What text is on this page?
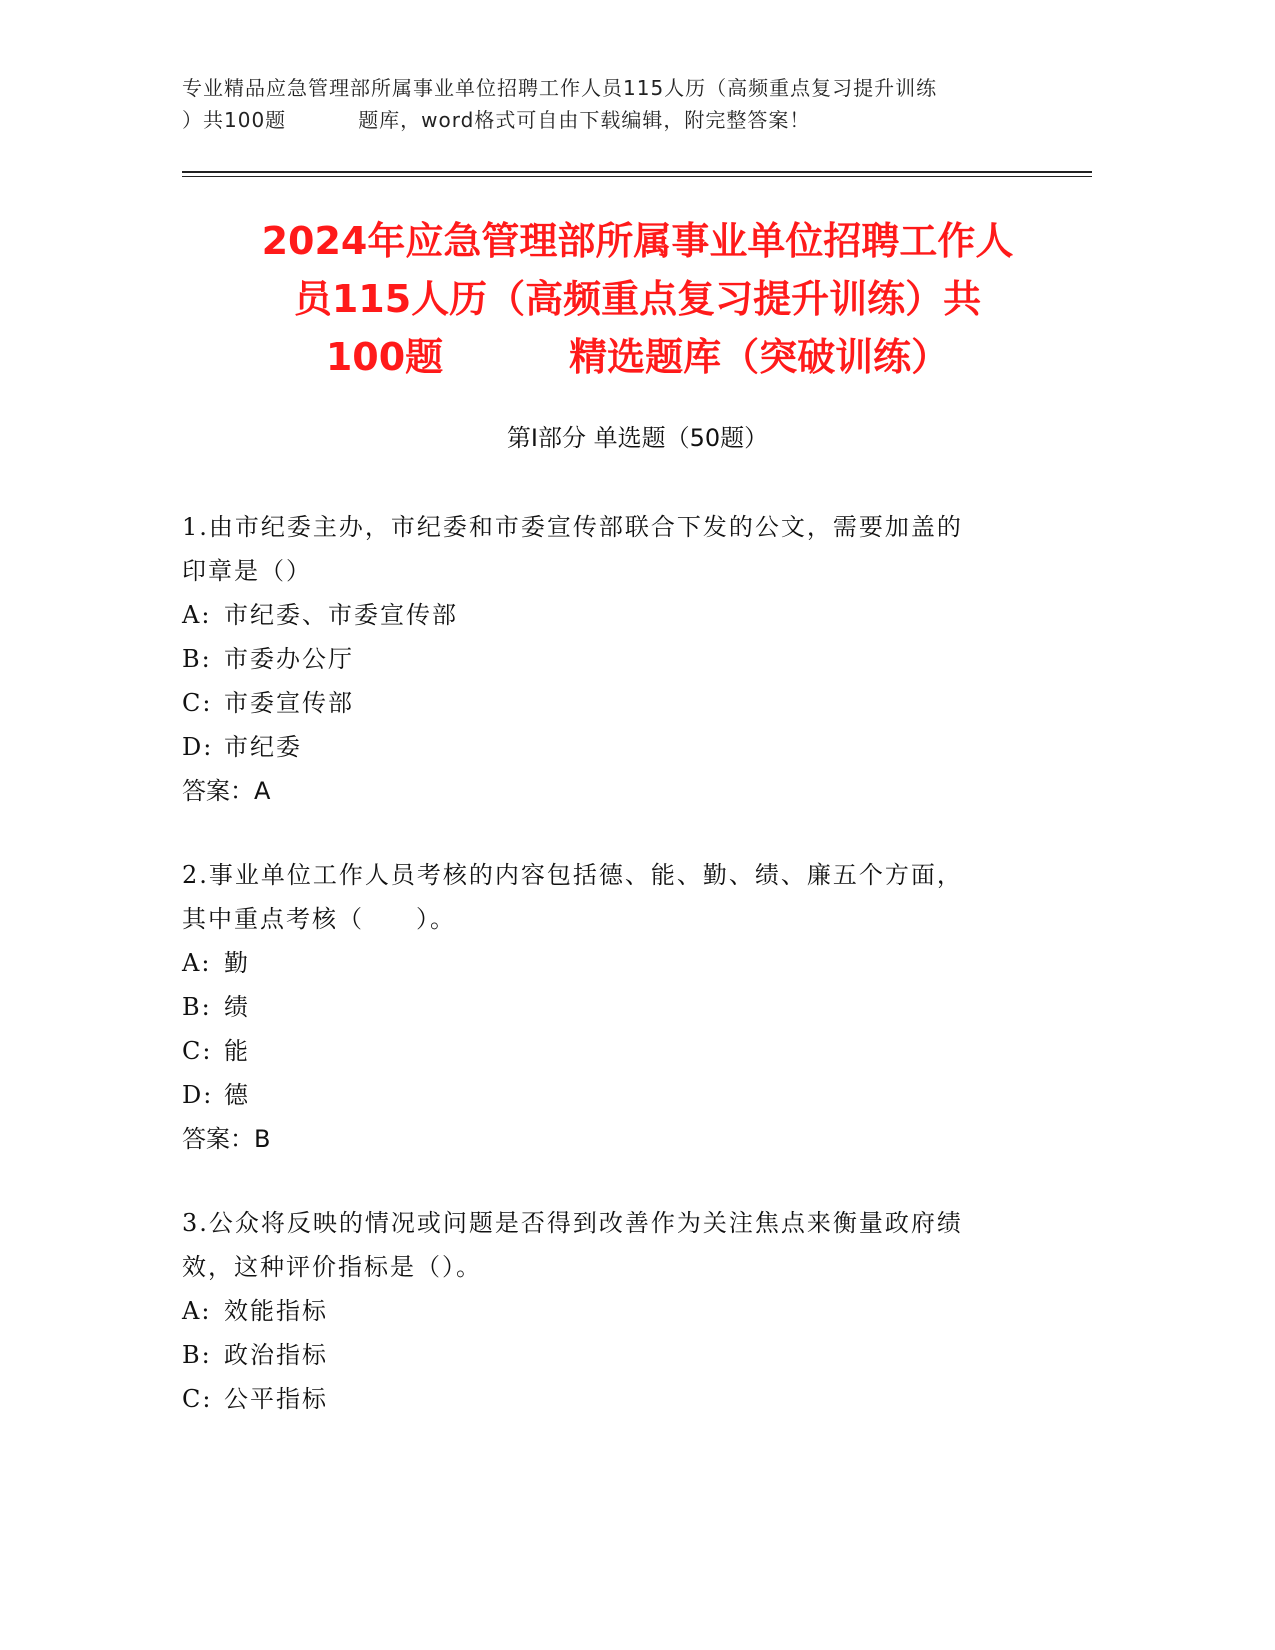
专业精品应急管理部所属事业单位招聘工作人员115人历（高频重点复习提升训练
）共100题	题库，word格式可自由下载编辑，附完整答案！
2024年应急管理部所属事业单位招聘工作人
员115人历（高频重点复习提升训练）共
100题	精选题库（突破训练）
第I部分 单选题（50题）
1.由市纪委主办，市纪委和市委宣传部联合下发的公文，需要加盖的
印章是（）
A: 市纪委、市委宣传部
B: 市委办公厅
C: 市委宣传部
D: 市纪委
答案：A
2.事业单位工作人员考核的内容包括德、能、勤、绩、廉五个方面，
其中重点考核（　　）。
A: 勤
B: 绩
C: 能
D: 德
答案：B
3.公众将反映的情况或问题是否得到改善作为关注焦点来衡量政府绩
效，这种评价指标是（）。
A: 效能指标
B: 政治指标
C: 公平指标
